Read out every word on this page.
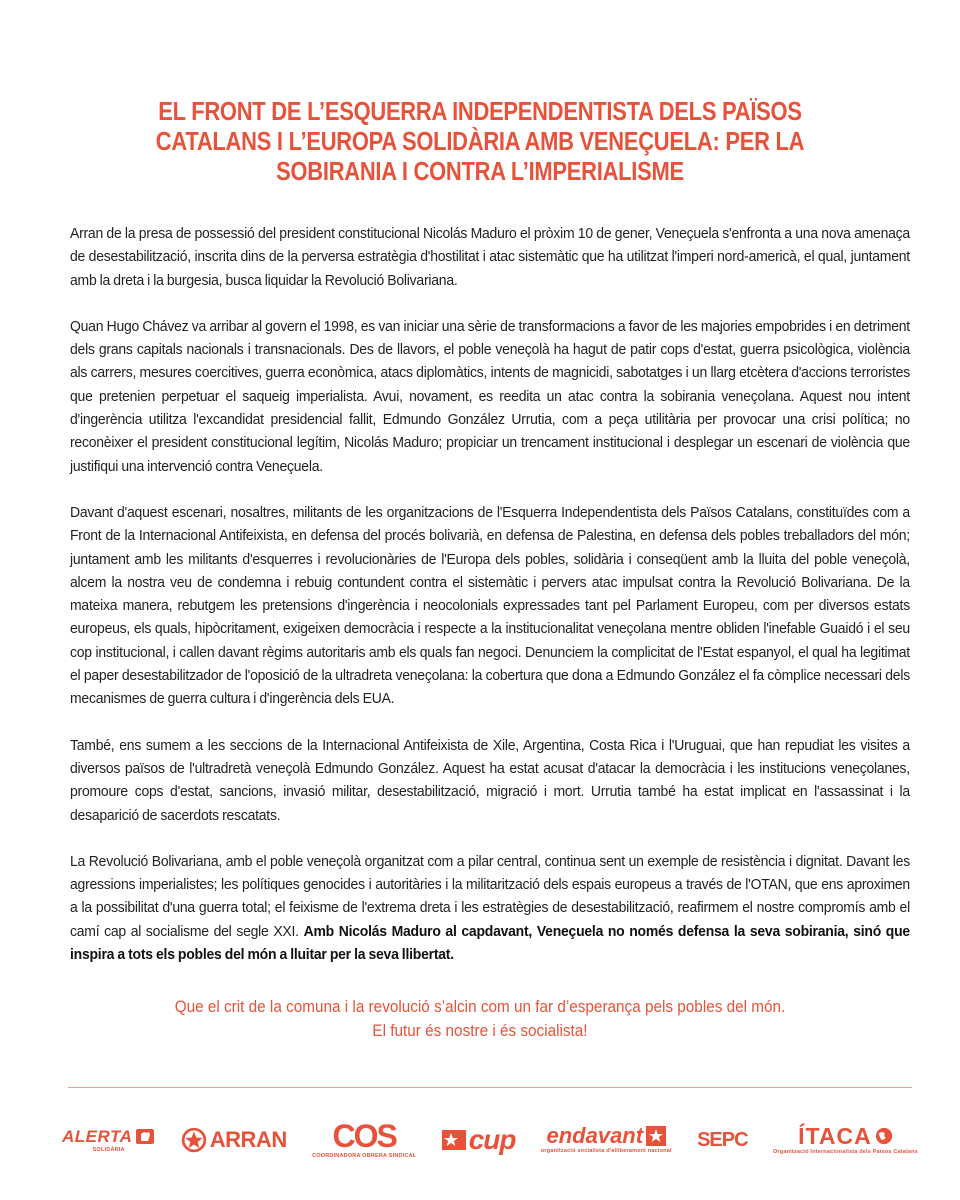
EL FRONT DE L’ESQUERRA INDEPENDENTISTA DELS PAÏSOS CATALANS I L’EUROPA SOLIDÀRIA AMB VENEÇUELA: PER LA SOBIRANIA I CONTRA L’IMPERIALISME

Arran de la presa de possessió del president constitucional Nicolás Maduro el pròxim 10 de gener, Veneçuela s'enfronta a una nova amenaça de desestabilització, inscrita dins de la perversa estratègia d'hostilitat i atac sistemàtic que ha utilitzat l'imperi nord-americà, el qual, juntament amb la dreta i la burgesia, busca liquidar la Revolució Bolivariana.

Quan Hugo Chávez va arribar al govern el 1998, es van iniciar una sèrie de transformacions a favor de les majories empobrides i en detriment dels grans capitals nacionals i transnacionals. Des de llavors, el poble veneçolà ha hagut de patir cops d'estat, guerra psicològica, violència als carrers, mesures coercitives, guerra econòmica, atacs diplomàtics, intents de magnicidi, sabotatges i un llarg etcètera d'accions terroristes que pretenien perpetuar el saqueig imperialista. Avui, novament, es reedita un atac contra la sobirania veneçolana. Aquest nou intent d'ingerència utilitza l'excandidat presidencial fallit, Edmundo González Urrutia, com a peça utilitària per provocar una crisi política; no reconèixer el president constitucional legítim, Nicolás Maduro; propiciar un trencament institucional i desplegar un escenari de violència que justifiqui una intervenció contra Veneçuela.

Davant d'aquest escenari, nosaltres, militants de les organitzacions de l'Esquerra Independentista dels Països Catalans, constituïdes com a Front de la Internacional Antifeixista, en defensa del procés bolivarià, en defensa de Palestina, en defensa dels pobles treballadors del món; juntament amb les militants d'esquerres i revolucionàries de l'Europa dels pobles, solidària i conseqüent amb la lluita del poble veneçolà, alcem la nostra veu de condemna i rebuig contundent contra el sistemàtic i pervers atac impulsat contra la Revolució Bolivariana. De la mateixa manera, rebutgem les pretensions d'ingerència i neocolonials expressades tant pel Parlament Europeu, com per diversos estats europeus, els quals, hipòcritament, exigeixen democràcia i respecte a la institucionalitat veneçolana mentre obliden l'inefable Guaidó i el seu cop institucional, i callen davant règims autoritaris amb els quals fan negoci. Denunciem la complicitat de l'Estat espanyol, el qual ha legitimat el paper desestabilitzador de l'oposició de la ultradreta veneçolana: la cobertura que dona a Edmundo González el fa còmplice necessari dels mecanismes de guerra cultura i d'ingerència dels EUA.

També, ens sumem a les seccions de la Internacional Antifeixista de Xile, Argentina, Costa Rica i l'Uruguai, que han repudiat les visites a diversos països de l'ultradretà veneçolà Edmundo González. Aquest ha estat acusat d'atacar la democràcia i les institucions veneçolanes, promoure cops d'estat, sancions, invasió militar, desestabilització, migració i mort. Urrutia també ha estat implicat en l'assassinat i la desaparició de sacerdots rescatats.

La Revolució Bolivariana, amb el poble veneçolà organitzat com a pilar central, continua sent un exemple de resistència i dignitat. Davant les agressions imperialistes; les polítiques genocides i autoritàries i la militarització dels espais europeus a través de l'OTAN, que ens aproximen a la possibilitat d'una guerra total; el feixisme de l'extrema dreta i les estratègies de desestabilització, reafirmem el nostre compromís amb el camí cap al socialisme del segle XXI. Amb Nicolás Maduro al capdavant, Veneçuela no només defensa la seva sobirania, sinó que inspira a tots els pobles del món a lluitar per la seva llibertat.

Que el crit de la comuna i la revolució s’alcin com un far d’esperança pels pobles del món.
El futur és nostre i és socialista!

ALERTA
SOLIDÀRIA	ARRAN COS
COORDINADORA OBRERA SINDICAL
cup endavant
organització socialista d'alliberament nacional
SEPC ÍTACA
Organització Internacionalista dels Països Catalans
